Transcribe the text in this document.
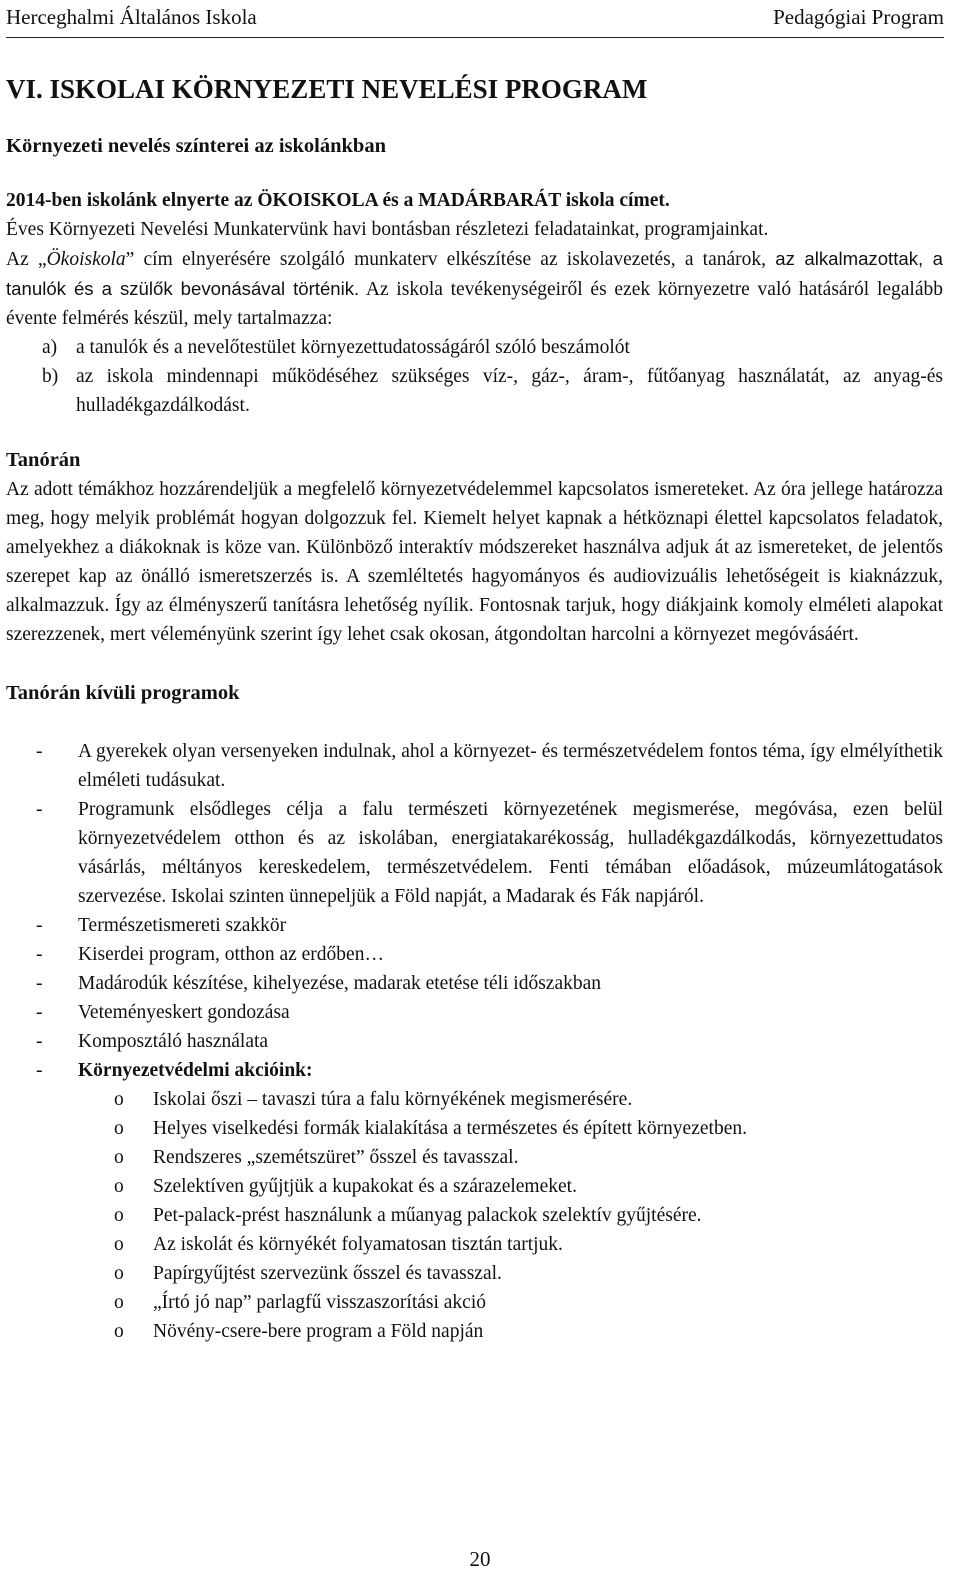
Herceghalmi Általános Iskola	Pedagógiai Program
VI. ISKOLAI KÖRNYEZETI NEVELÉSI PROGRAM
Környezeti nevelés színterei az iskolánkban

2014-ben iskolánk elnyerte az ÖKOISKOLA és a MADÁRBARÁT iskola címet.

Éves Környezeti Nevelési Munkatervünk havi bontásban részletezi feladatainkat, programjainkat.

Az „Ökoiskola” cím elnyerésére szolgáló munkaterv elkészítése az iskolavezetés, a tanárok, az alkalmazottak, a tanulók és a szülők bevonásával történik. Az iskola tevékenységeiről és ezek környezetre való hatásáról legalább évente felmérés készül, mely tartalmazza:

a) a tanulók és a nevelőtestület környezettudatosságáról szóló beszámolót
b) az iskola mindennapi működéséhez szükséges víz-, gáz-, áram-, fűtőanyag használatát, az anyag-és hulladékgazdálkodást.
Tanórán

Az adott témákhoz hozzárendeljük a megfelelő környezetvédelemmel kapcsolatos ismereteket. Az óra jellege határozza meg, hogy melyik problémát hogyan dolgozzuk fel. Kiemelt helyet kapnak a hétköznapi élettel kapcsolatos feladatok, amelyekhez a diákoknak is köze van. Különböző interaktív módszereket használva adjuk át az ismereteket, de jelentős szerepet kap az önálló ismeretszerzés is. A szemléltetés hagyományos és audiovizuális lehetőségeit is kiaknázzuk, alkalmazzuk. Így az élményszerű tanításra lehetőség nyílik. Fontosnak tarjuk, hogy diákjaink komoly elméleti alapokat szerezzenek, mert véleményünk szerint így lehet csak okosan, átgondoltan harcolni a környezet megóvásáért.

Tanórán kívüli programok
- A gyerekek olyan versenyeken indulnak, ahol a környezet- és természetvédelem fontos téma, így elmélyíthetik elméleti tudásukat.
- Programunk elsődleges célja a falu természeti környezetének megismerése, megóvása, ezen belül környezetvédelem otthon és az iskolában, energiatakarékosság, hulladékgazdálkodás, környezettudatos vásárlás, méltányos kereskedelem, természetvédelem. Fenti témában előadások, múzeumlátogatások szervezése. Iskolai szinten ünnepeljük a Föld napját, a Madarak és Fák napjáról.
- Természetismereti szakkör
- Kiserdei program, otthon az erdőben…
- Madárodúk készítése, kihelyezése, madarak etetése téli időszakban
- Veteményeskert gondozása
- Komposztáló használata
- Környezetvédelmi akcióink:
o Iskolai őszi – tavaszi túra a falu környékének megismerésére.
o Helyes viselkedési formák kialakítása a természetes és épített környezetben.
o Rendszeres „szemétszüret” ősszel és tavasszal.
o Szelektíven gyűjtjük a kupakokat és a szárazelemeket.
o Pet-palack-prést használunk a műanyag palackok szelektív gyűjtésére.
o Az iskolát és környékét folyamatosan tisztán tartjuk.
o Papírgyűjtést szervezünk ősszel és tavasszal.
o „Írtó jó nap” parlagfű visszaszorítási akció
o Növény-csere-bere program a Föld napján
20
